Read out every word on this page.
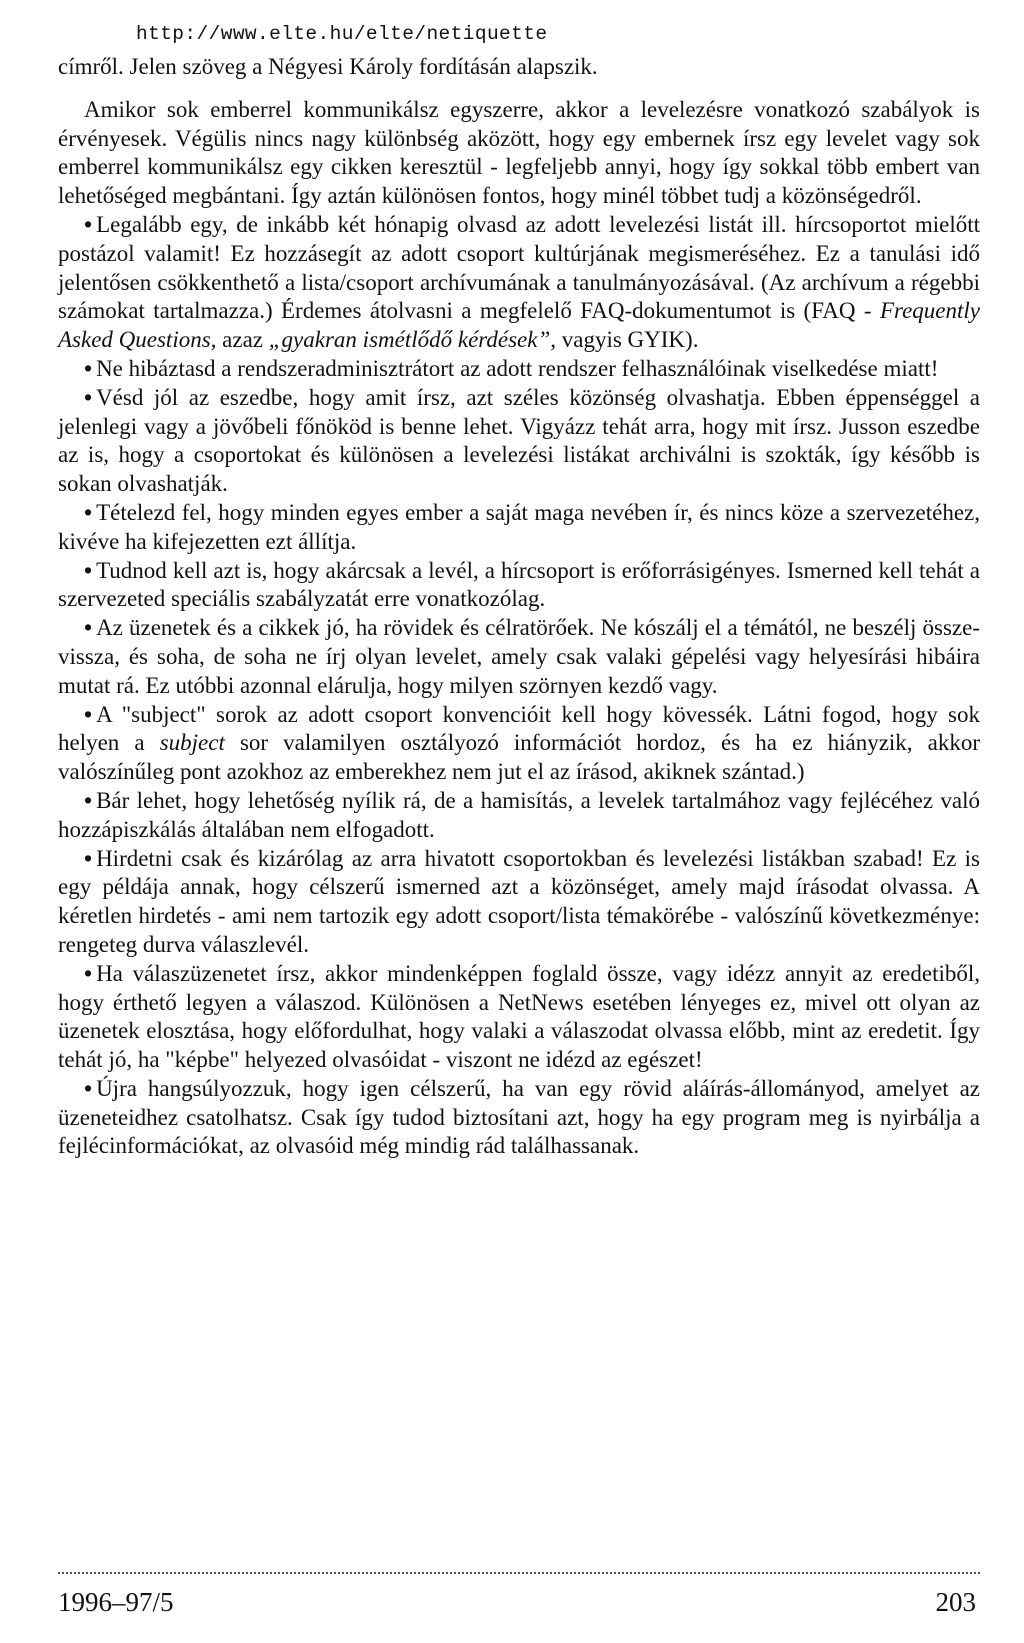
http://www.elte.hu/elte/netiquette

címről. Jelen szöveg a Négyesi Károly fordításán alapszik.

Amikor sok emberrel kommunikálsz egyszerre, akkor a levelezésre vonatkozó szabályok is érvényesek. Végülis nincs nagy különbség aközött, hogy egy embernek írsz egy levelet vagy sok emberrel kommunikálsz egy cikken keresztül - legfeljebb annyi, hogy így sokkal több embert van lehetőséged megbántani. Így aztán különösen fontos, hogy minél többet tudj a közönségedről.

• Legalább egy, de inkább két hónapig olvasd az adott levelezési listát ill. hírcsoportot mielőtt postázol valamit! Ez hozzásegít az adott csoport kultúrjának megismeréséhez. Ez a tanulási idő jelentősen csökkenthető a lista/csoport archívumának a tanulmányozásával. (Az archívum a régebbi számokat tartalmazza.) Érdemes átolvasni a megfelelő FAQ-dokumentumot is (FAQ - Frequently Asked Questions, azaz „gyakran ismétlődő kérdések”, vagyis GYIK).

• Ne hibáztasd a rendszeradminisztrátort az adott rendszer felhasználóinak viselkedése miatt!

• Vésd jól az eszedbe, hogy amit írsz, azt széles közönség olvashatja. Ebben éppenséggel a jelenlegi vagy a jövőbeli főnököd is benne lehet. Vigyázz tehát arra, hogy mit írsz. Jusson eszedbe az is, hogy a csoportokat és különösen a levelezési listákat archiválni is szokták, így később is sokan olvashatják.

• Tételezd fel, hogy minden egyes ember a saját maga nevében ír, és nincs köze a szervezetéhez, kivéve ha kifejezetten ezt állítja.

• Tudnod kell azt is, hogy akárcsak a levél, a hírcsoport is erőforrásigényes. Ismerned kell tehát a szervezeted speciális szabályzatát erre vonatkozólag.

• Az üzenetek és a cikkek jó, ha rövidek és célratörőek. Ne kószálj el a témától, ne beszélj össze-vissza, és soha, de soha ne írj olyan levelet, amely csak valaki gépelési vagy helyesírási hibáira mutat rá. Ez utóbbi azonnal elárulja, hogy milyen szörnyen kezdő vagy.

• A "subject" sorok az adott csoport konvencióit kell hogy kövessék. Látni fogod, hogy sok helyen a subject sor valamilyen osztályozó információt hordoz, és ha ez hiányzik, akkor valószínűleg pont azokhoz az emberekhez nem jut el az írásod, akiknek szántad.)

• Bár lehet, hogy lehetőség nyílik rá, de a hamisítás, a levelek tartalmához vagy fejlécéhez való hozzápiszkálás általában nem elfogadott.

• Hirdetni csak és kizárólag az arra hivatott csoportokban és levelezési listákban szabad! Ez is egy példája annak, hogy célszerű ismerned azt a közönséget, amely majd írásodat olvassa. A kéretlen hirdetés - ami nem tartozik egy adott csoport/lista témakörébe - valószínű következménye: rengeteg durva válaszlevél.

• Ha válaszüzenetet írsz, akkor mindenképpen foglald össze, vagy idézz annyit az eredetiből, hogy érthető legyen a válaszod. Különösen a NetNews esetében lényeges ez, mivel ott olyan az üzenetek elosztása, hogy előfordulhat, hogy valaki a válaszodat olvassa előbb, mint az eredetit. Így tehát jó, ha "képbe" helyezed olvasóidat - viszont ne idézd az egészet!

• Újra hangsúlyozzuk, hogy igen célszerű, ha van egy rövid aláírás-állományod, amelyet az üzeneteidhez csatolhatsz. Csak így tudod biztosítani azt, hogy ha egy program meg is nyirbálja a fejlécinformációkat, az olvasóid még mindig rád találhassanak.

1996–97/5	203
